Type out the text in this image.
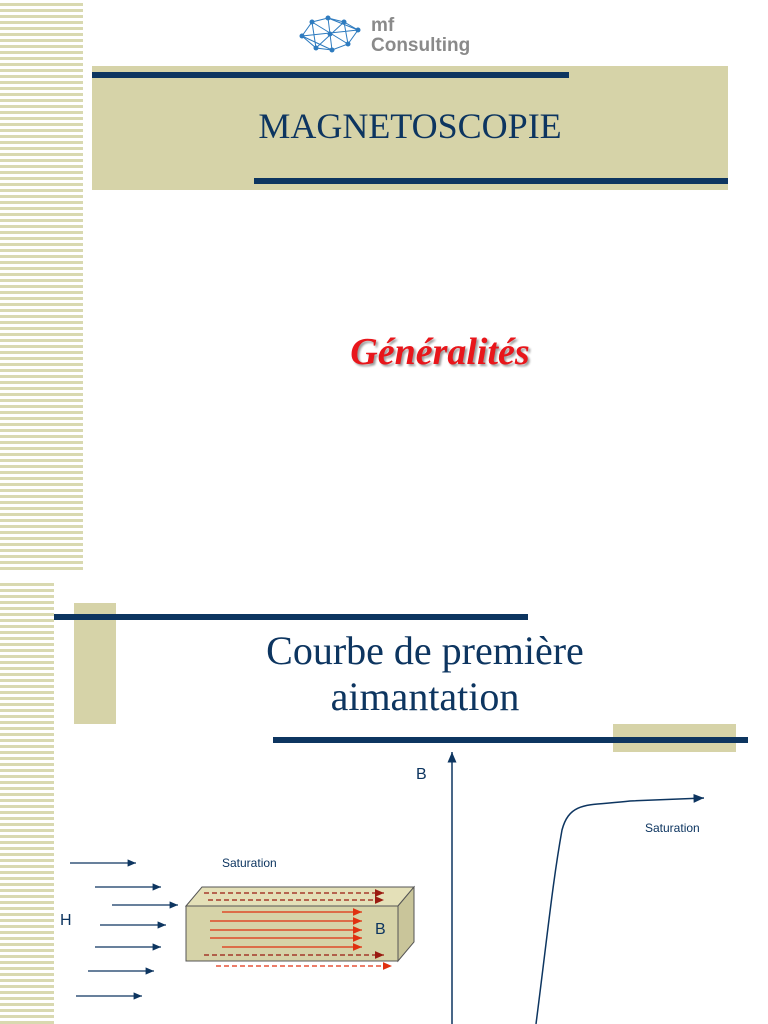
mf
Consulting
MAGNETOSCOPIE
Généralités
Courbe de première
aimantation
B
Saturation
H
Saturation
B
